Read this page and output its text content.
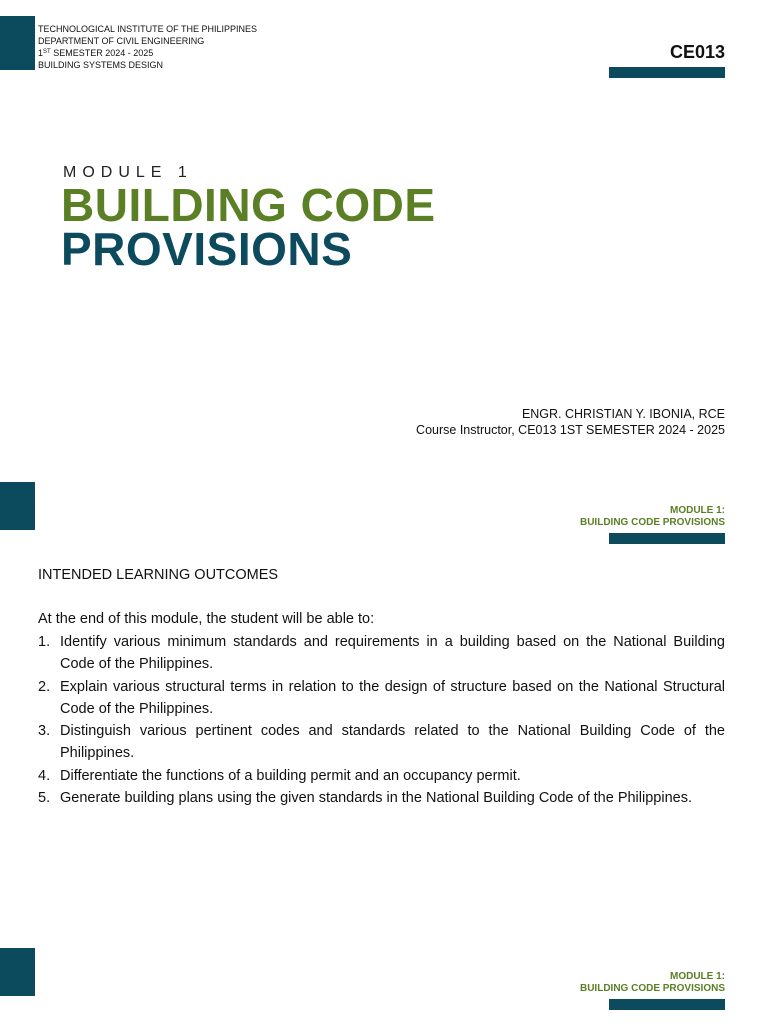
TECHNOLOGICAL INSTITUTE OF THE PHILIPPINES
DEPARTMENT OF CIVIL ENGINEERING
1ST SEMESTER 2024 - 2025
BUILDING SYSTEMS DESIGN
CE013
MODULE 1
BUILDING CODE
PROVISIONS
ENGR. CHRISTIAN Y. IBONIA, RCE
Course Instructor, CE013 1ST SEMESTER 2024 - 2025
MODULE 1:
BUILDING CODE PROVISIONS
INTENDED LEARNING OUTCOMES
At the end of this module, the student will be able to:
1. Identify various minimum standards and requirements in a building based on the National Building Code of the Philippines.
2. Explain various structural terms in relation to the design of structure based on the National Structural Code of the Philippines.
3. Distinguish various pertinent codes and standards related to the National Building Code of the Philippines.
4. Differentiate the functions of a building permit and an occupancy permit.
5. Generate building plans using the given standards in the National Building Code of the Philippines.
MODULE 1:
BUILDING CODE PROVISIONS
